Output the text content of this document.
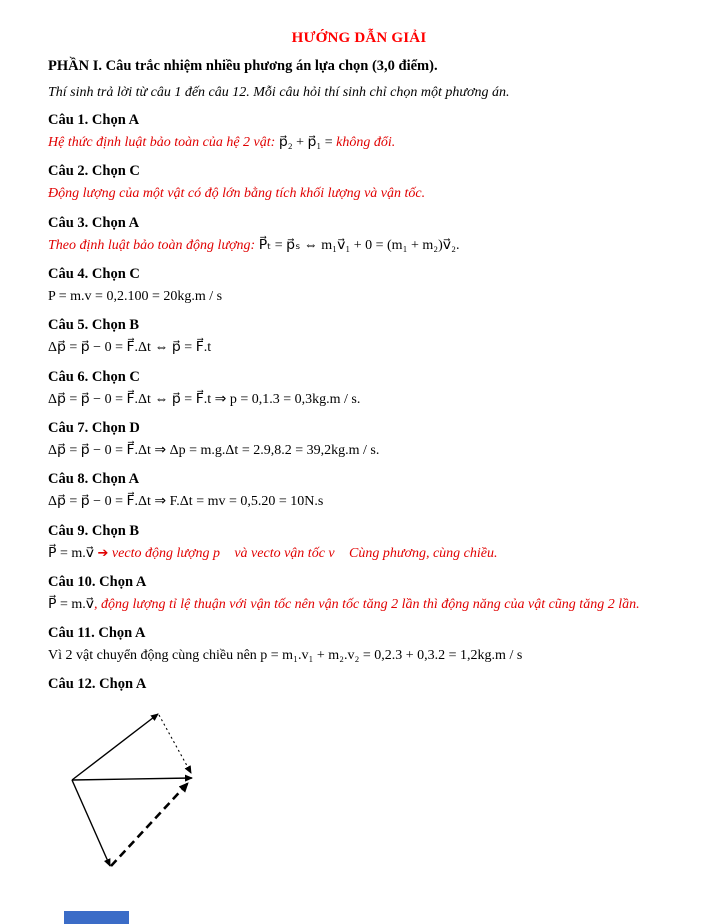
HƯỚNG DẪN GIẢI
PHẦN I. Câu trắc nhiệm nhiều phương án lựa chọn (3,0 điểm).
Thí sinh trả lời từ câu 1 đến câu 12. Mỗi câu hỏi thí sinh chỉ chọn một phương án.
Câu 1. Chọn A
Hệ thức định luật bảo toàn của hệ 2 vật: p⃗₂ + p⃗₁ = không đổi.
Câu 2. Chọn C
Động lượng của một vật có độ lớn bằng tích khối lượng và vận tốc.
Câu 3. Chọn A
Theo định luật bảo toàn động lượng: P⃗ₜ = p⃗ₛ ⇔ m₁v⃗₁ + 0 = (m₁ + m₂)v⃗₂.
Câu 4. Chọn C
P = m.v = 0,2.100 = 20kg.m / s
Câu 5. Chọn B
Δp⃗ = p⃗ − 0 = F⃗.Δt ⇔ p⃗ = F⃗.t
Câu 6. Chọn C
Δp⃗ = p⃗ − 0 = F⃗.Δt ⇔ p⃗ = F⃗.t ⇒ p = 0,1.3 = 0,3kg.m / s.
Câu 7. Chọn D
Δp⃗ = p⃗ − 0 = F⃗.Δt ⇒ Δp = m.g.Δt = 2.9,8.2 = 39,2kg.m / s.
Câu 8. Chọn A
Δp⃗ = p⃗ − 0 = F⃗.Δt ⇒ F.Δt = mv = 0,5.20 = 10N.s
Câu 9. Chọn B
P⃗ = m.v⃗ ➔ vecto động lượng p⃗ và vecto vận tốc v⃗ Cùng phương, cùng chiều.
Câu 10. Chọn A
P⃗ = m.v⃗, động lượng tỉ lệ thuận với vận tốc nên vận tốc tăng 2 lần thì động năng của vật cũng tăng 2 lần.
Câu 11. Chọn A
Vì 2 vật chuyển động cùng chiều nên p = m₁.v₁ + m₂.v₂ = 0,2.3 + 0,3.2 = 1,2kg.m / s
Câu 12. Chọn A
